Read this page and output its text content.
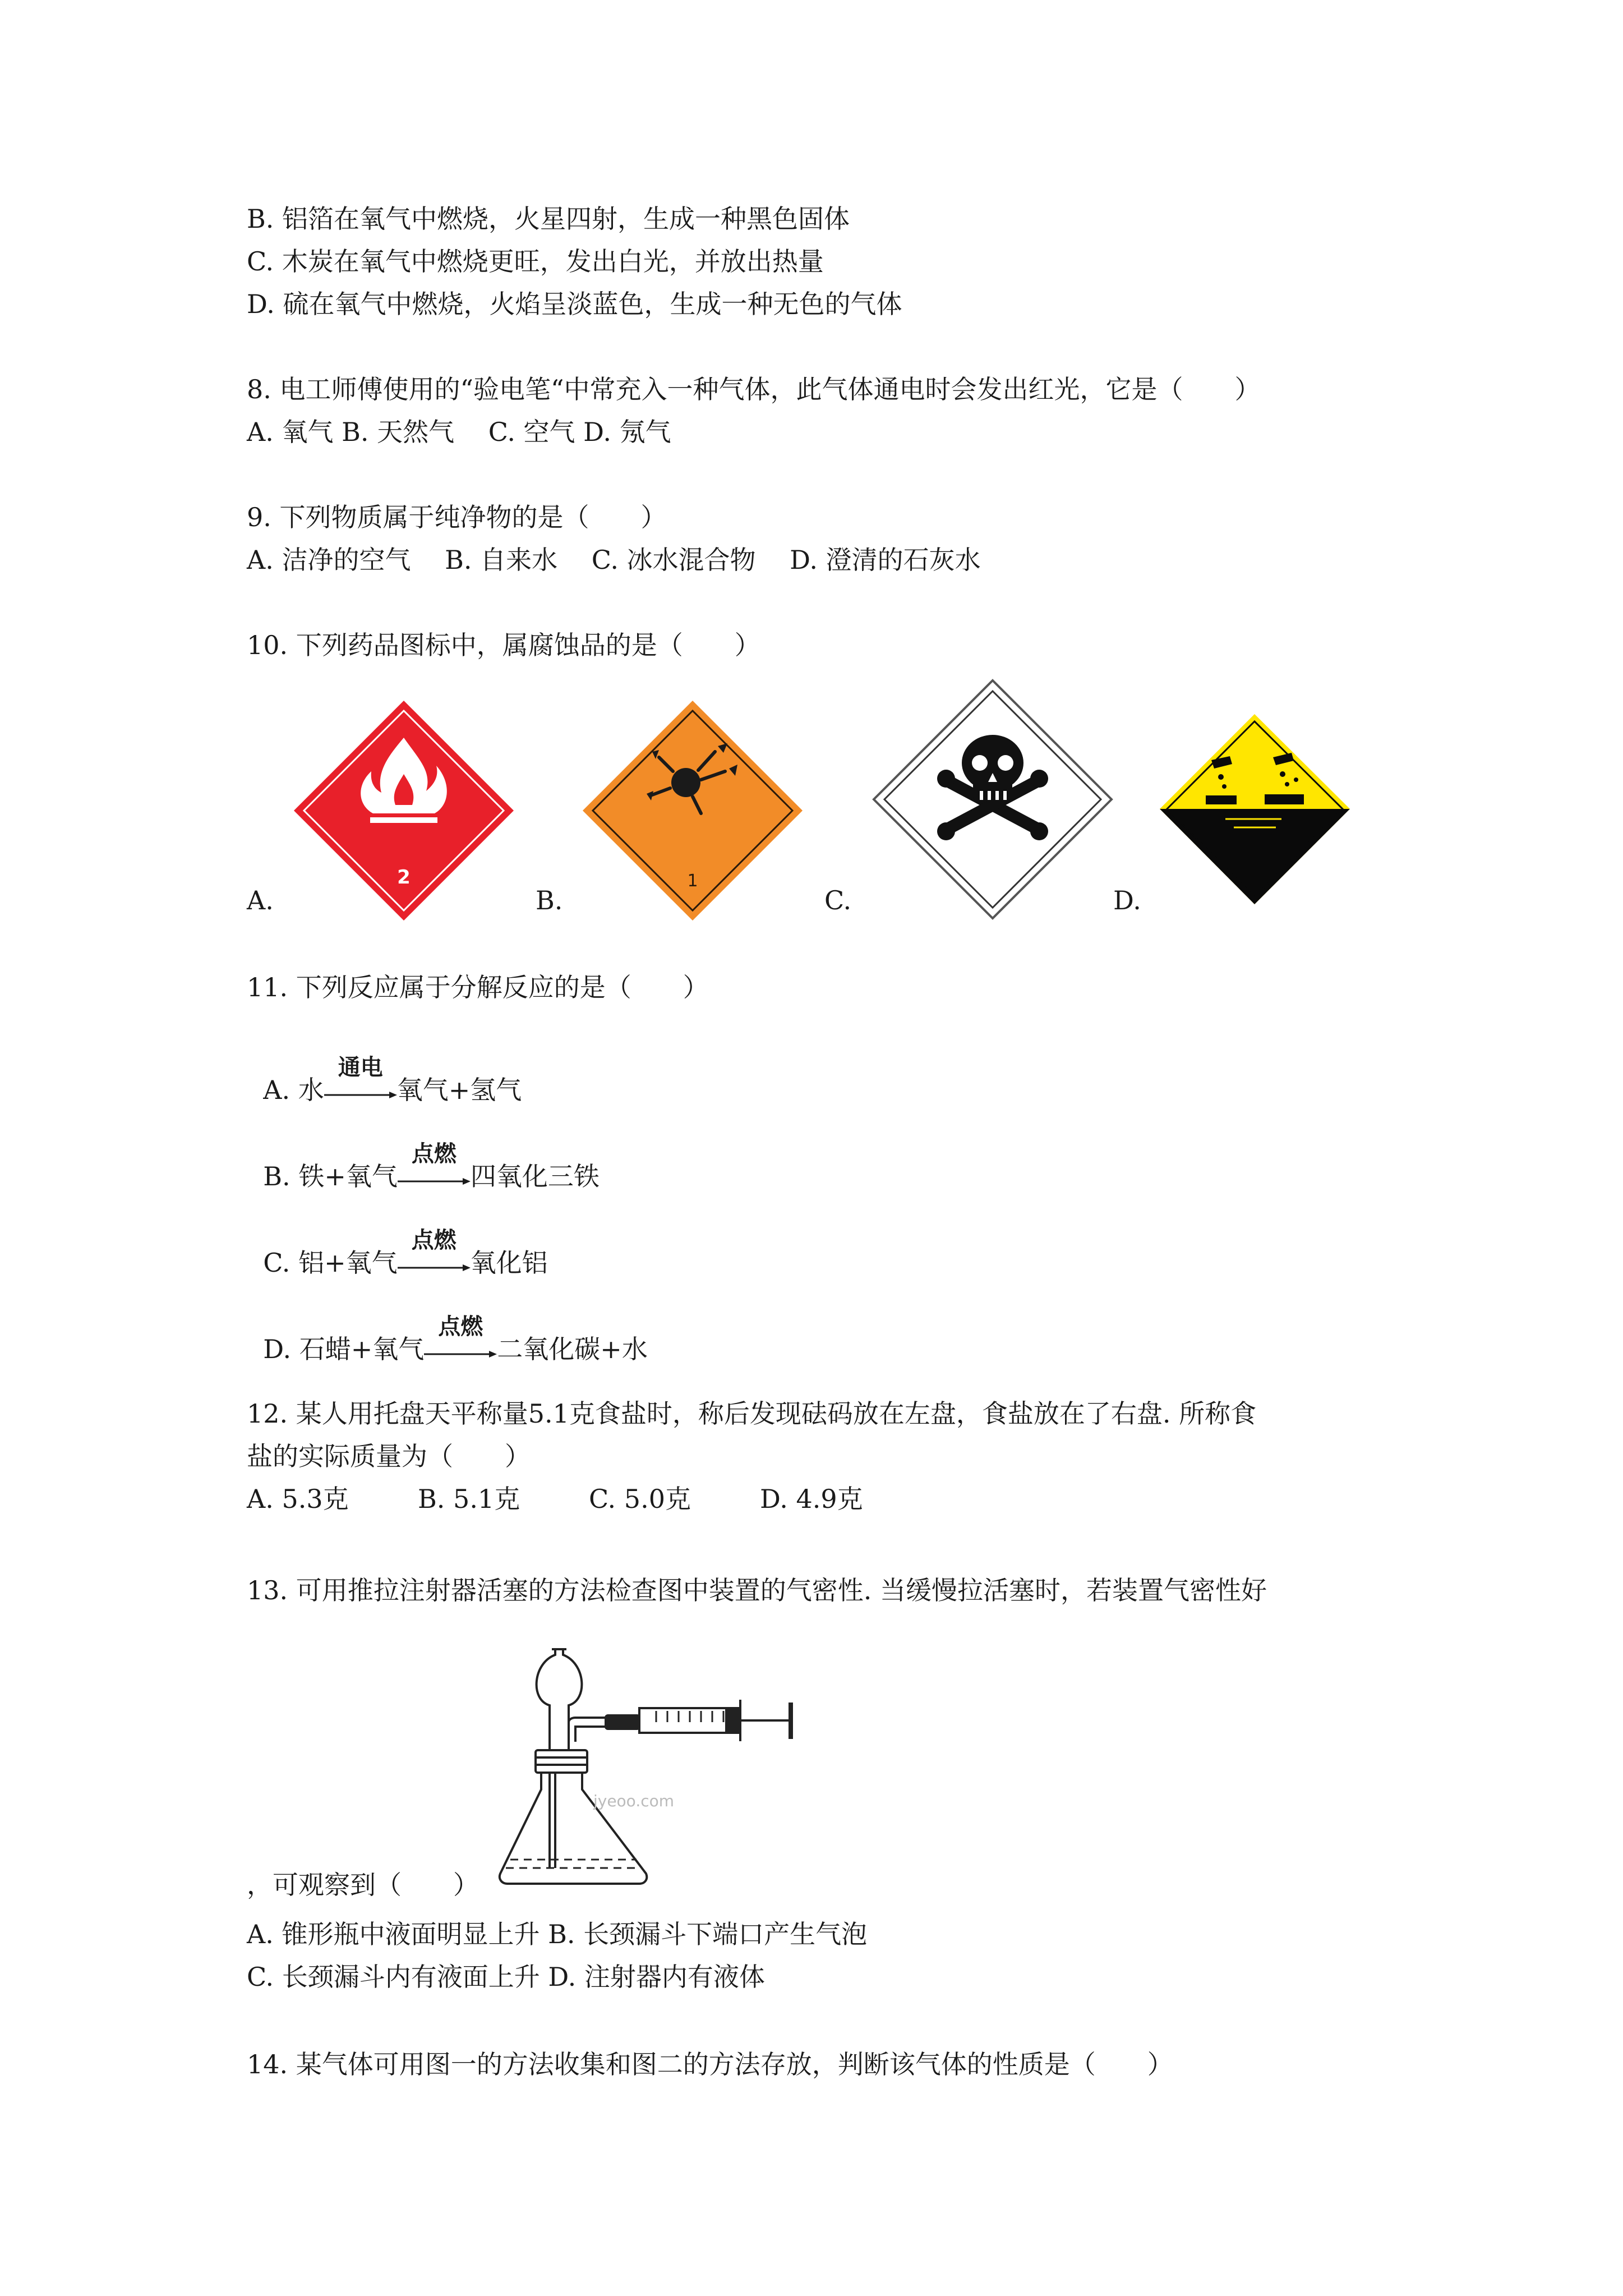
B. 铝箔在氧气中燃烧，火星四射，生成一种黑色固体
C. 木炭在氧气中燃烧更旺，发出白光，并放出热量
D. 硫在氧气中燃烧，火焰呈淡蓝色，生成一种无色的气体
8. 电工师傅使用的“验电笔“中常充入一种气体，此气体通电时会发出红光，它是（　　）
A. 氧气 B. 天然气　 C. 空气 D. 氖气
9. 下列物质属于纯净物的是（　　）
A. 洁净的空气　 B. 自来水　 C. 冰水混合物　 D. 澄清的石灰水
10. 下列药品图标中，属腐蚀品的是（　　）
2	1
A.	B.	C.	D.
11. 下列反应属于分解反应的是（　　）

A. 水
通电
氧气+氢气

B. 铁+氧气
点燃
四氧化三铁

C. 铝+氧气
点燃
氧化铝

D. 石蜡+氧气
点燃
二氧化碳+水

12. 某人用托盘天平称量5.1克食盐时，称后发现砝码放在左盘，食盐放在了右盘. 所称食
盐的实际质量为（　　）
A. 5.3克	B. 5.1克	C. 5.0克	D. 4.9克
13. 可用推拉注射器活塞的方法检查图中装置的气密性. 当缓慢拉活塞时，若装置气密性好
jyeoo.com
，可观察到（　　）
A. 锥形瓶中液面明显上升 B. 长颈漏斗下端口产生气泡
C. 长颈漏斗内有液面上升 D. 注射器内有液体
14. 某气体可用图一的方法收集和图二的方法存放，判断该气体的性质是（　　）
